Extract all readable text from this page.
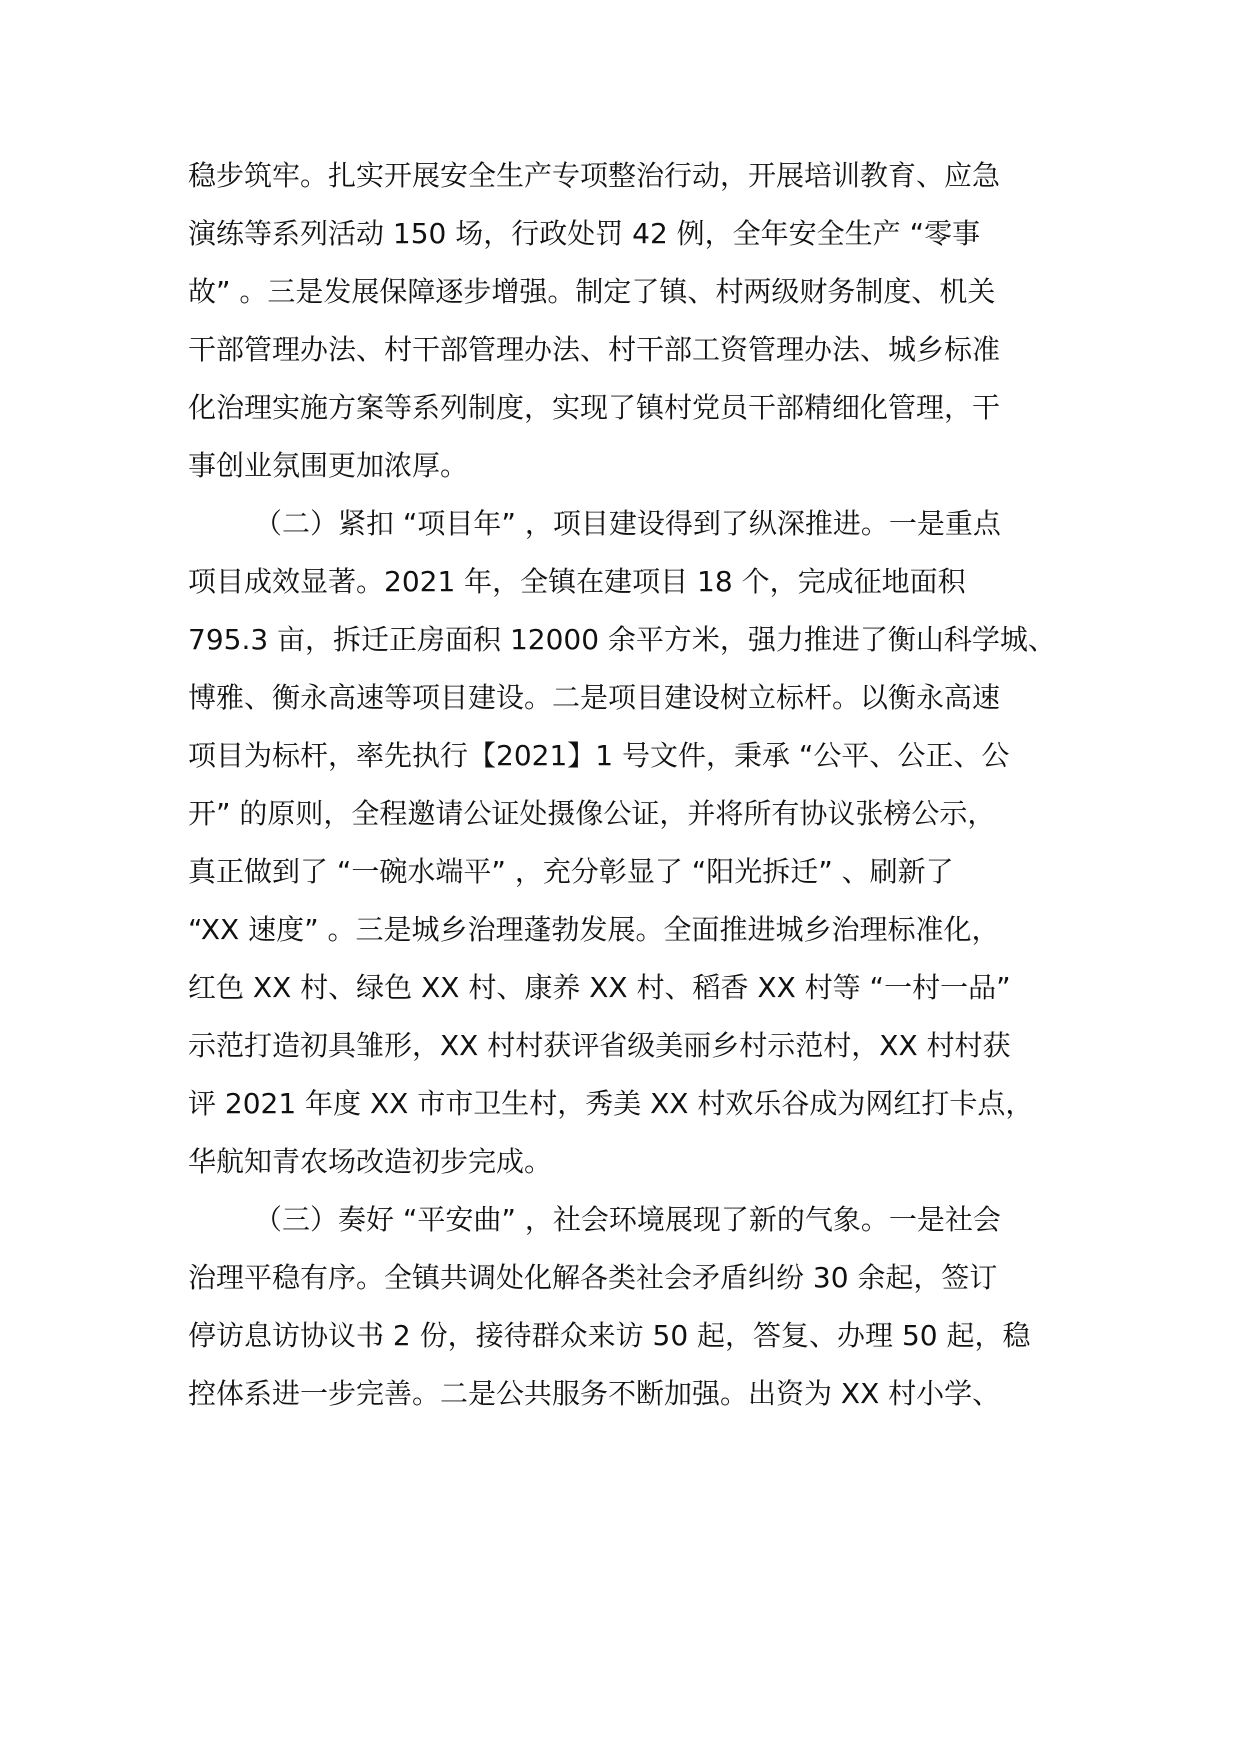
稳步筑牢。扎实开展安全生产专项整治行动，开展培训教育、应急
演练等系列活动 150 场，行政处罚 42 例，全年安全生产 “零事
故” 。三是发展保障逐步增强。制定了镇、村两级财务制度、机关
干部管理办法、村干部管理办法、村干部工资管理办法、城乡标准
化治理实施方案等系列制度，实现了镇村党员干部精细化管理，干
事创业氛围更加浓厚。
（二）紧扣 “项目年” ，项目建设得到了纵深推进。一是重点
项目成效显著。2021 年，全镇在建项目 18 个，完成征地面积
795.3 亩，拆迁正房面积 12000 余平方米，强力推进了衡山科学城、
博雅、衡永高速等项目建设。二是项目建设树立标杆。以衡永高速
项目为标杆，率先执行【2021】1 号文件，秉承 “公平、公正、公
开” 的原则，全程邀请公证处摄像公证，并将所有协议张榜公示，
真正做到了 “一碗水端平” ，充分彰显了 “阳光拆迁” 、刷新了
“XX 速度” 。三是城乡治理蓬勃发展。全面推进城乡治理标准化，
红色 XX 村、绿色 XX 村、康养 XX 村、稻香 XX 村等 “一村一品”
示范打造初具雏形，XX 村村获评省级美丽乡村示范村，XX 村村获
评 2021 年度 XX 市市卫生村，秀美 XX 村欢乐谷成为网红打卡点，
华航知青农场改造初步完成。
（三）奏好 “平安曲” ，社会环境展现了新的气象。一是社会
治理平稳有序。全镇共调处化解各类社会矛盾纠纷 30 余起，签订
停访息访协议书 2 份，接待群众来访 50 起，答复、办理 50 起，稳
控体系进一步完善。二是公共服务不断加强。出资为 XX 村小学、
